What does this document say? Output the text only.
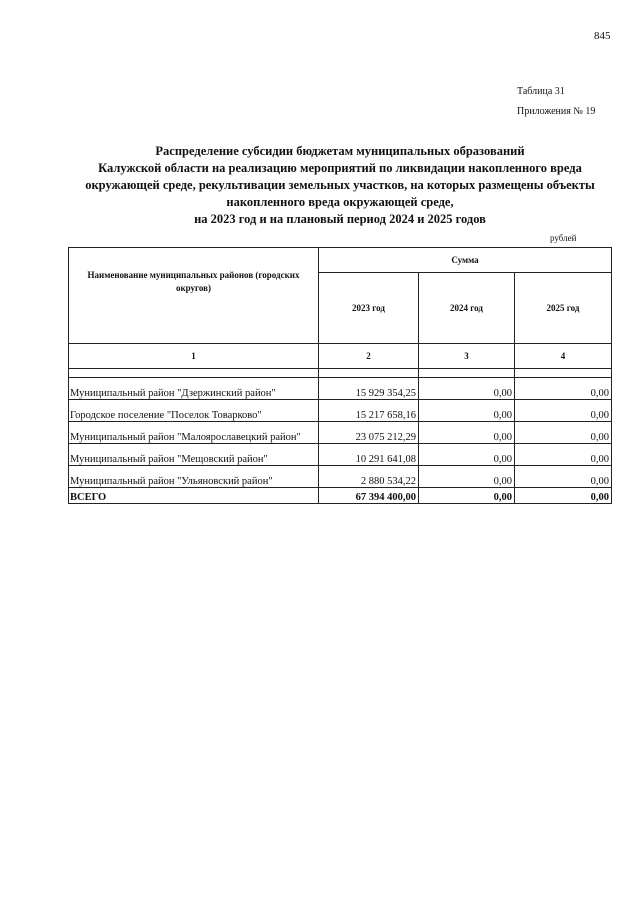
845
Таблица 31
Приложения № 19
Распределение субсидии бюджетам муниципальных образований
Калужской области на реализацию мероприятий по ликвидации накопленного вреда
окружающей среде, рекультивации земельных участков, на которых размещены объекты
накопленного вреда окружающей среде,
на 2023 год и на плановый период 2024 и 2025 годов
рублей
Наименование муниципальных районов (городских округов)	Сумма		
	2023 год	2024 год	2025 год
1	2	3	4

Муниципальный район "Дзержинский район"	15 929 354,25	0,00	0,00
Городское поселение "Поселок Товарково"	15 217 658,16	0,00	0,00
Муниципальный район "Малоярославецкий район"	23 075 212,29	0,00	0,00
Муниципальный район "Мещовский район"	10 291 641,08	0,00	0,00
Муниципальный район "Ульяновский район"	2 880 534,22	0,00	0,00
ВСЕГО	67 394 400,00	0,00	0,00
